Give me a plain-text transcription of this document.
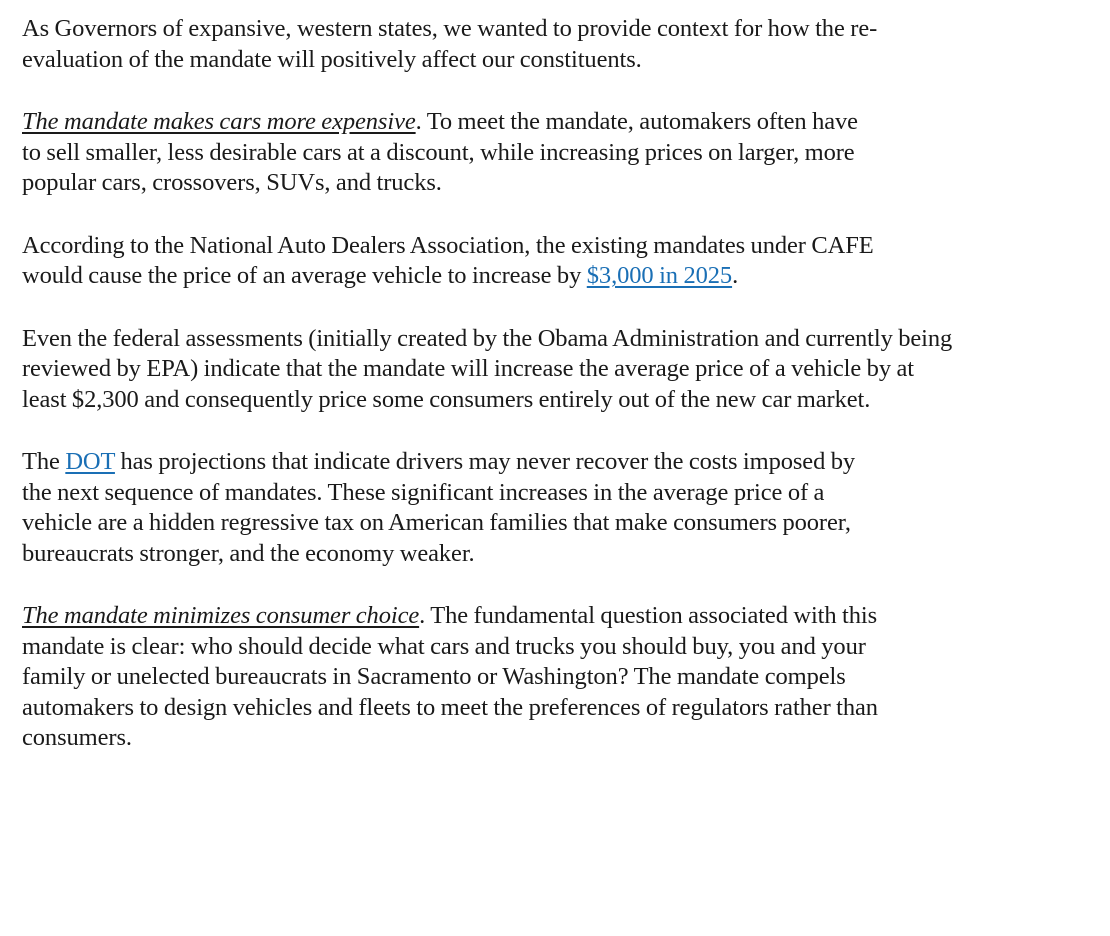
As Governors of expansive, western states, we wanted to provide context for how the re-
evaluation of the mandate will positively affect our constituents.

The mandate makes cars more expensive. To meet the mandate, automakers often have
to sell smaller, less desirable cars at a discount, while increasing prices on larger, more
popular cars, crossovers, SUVs, and trucks.

According to the National Auto Dealers Association, the existing mandates under CAFE
would cause the price of an average vehicle to increase by $3,000 in 2025.

Even the federal assessments (initially created by the Obama Administration and currently being
reviewed by EPA) indicate that the mandate will increase the average price of a vehicle by at
least $2,300 and consequently price some consumers entirely out of the new car market.

The DOT has projections that indicate drivers may never recover the costs imposed by
the next sequence of mandates. These significant increases in the average price of a
vehicle are a hidden regressive tax on American families that make consumers poorer,
bureaucrats stronger, and the economy weaker.

The mandate minimizes consumer choice. The fundamental question associated with this
mandate is clear: who should decide what cars and trucks you should buy, you and your
family or unelected bureaucrats in Sacramento or Washington? The mandate compels
automakers to design vehicles and fleets to meet the preferences of regulators rather than
consumers.
